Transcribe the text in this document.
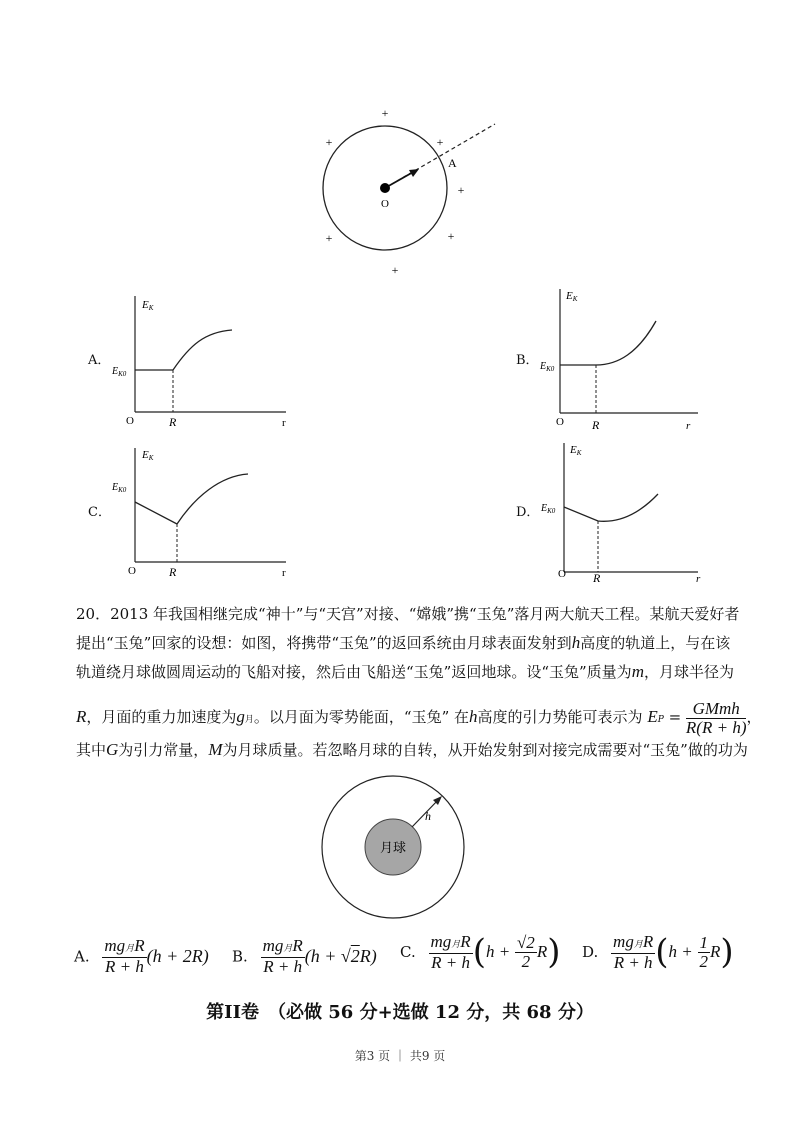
O
A
+
+	+
+
+	+
+
A．
EK
$E_{K0}$
O	R	r
B．
EK
$E_{K0}$
O R	r
C．
EK
$E_{K0}$
O	R	r
D．
EK
$E_{K0}$
O R	r
20．2013 年我国相继完成“神十”与“天宫”对接、“嫦娥”携“玉兔”落月两大航天工程。某航天爱好者
提出“玉兔”回家的设想：如图，将携带“玉兔”的返回系统由月球表面发射到h高度的轨道上，与在该
轨道绕月球做圆周运动的飞船对接，然后由飞船送“玉兔”返回地球。设“玉兔”质量为m，月球半径为
R，月面的重力加速度为g月。以月面为零势能面，“玉兔” 在h高度的引力势能可表示为 EP = $\frac{\text{GMmh}}{R(R + h)}$ ，
其中G为引力常量，M为月球质量。若忽略月球的自转，从开始发射到对接完成需要对“玉兔”做的功为
月球
h
A. $\frac{\text{mg月R}}{R + h} (h + 2R)$ B. $\frac{\text{mg月R}}{R + h} (h + √2R)$ C. $\frac{\text{mg月R}}{R + h} (h + \frac{√2}{2} R)$ D. $\frac{\text{mg月R}}{R + h} (h + \frac{1}{2} R)$
第II卷　（必做 56 分+选做 12 分，共 68 分）
第3 页 ｜ 共9 页
